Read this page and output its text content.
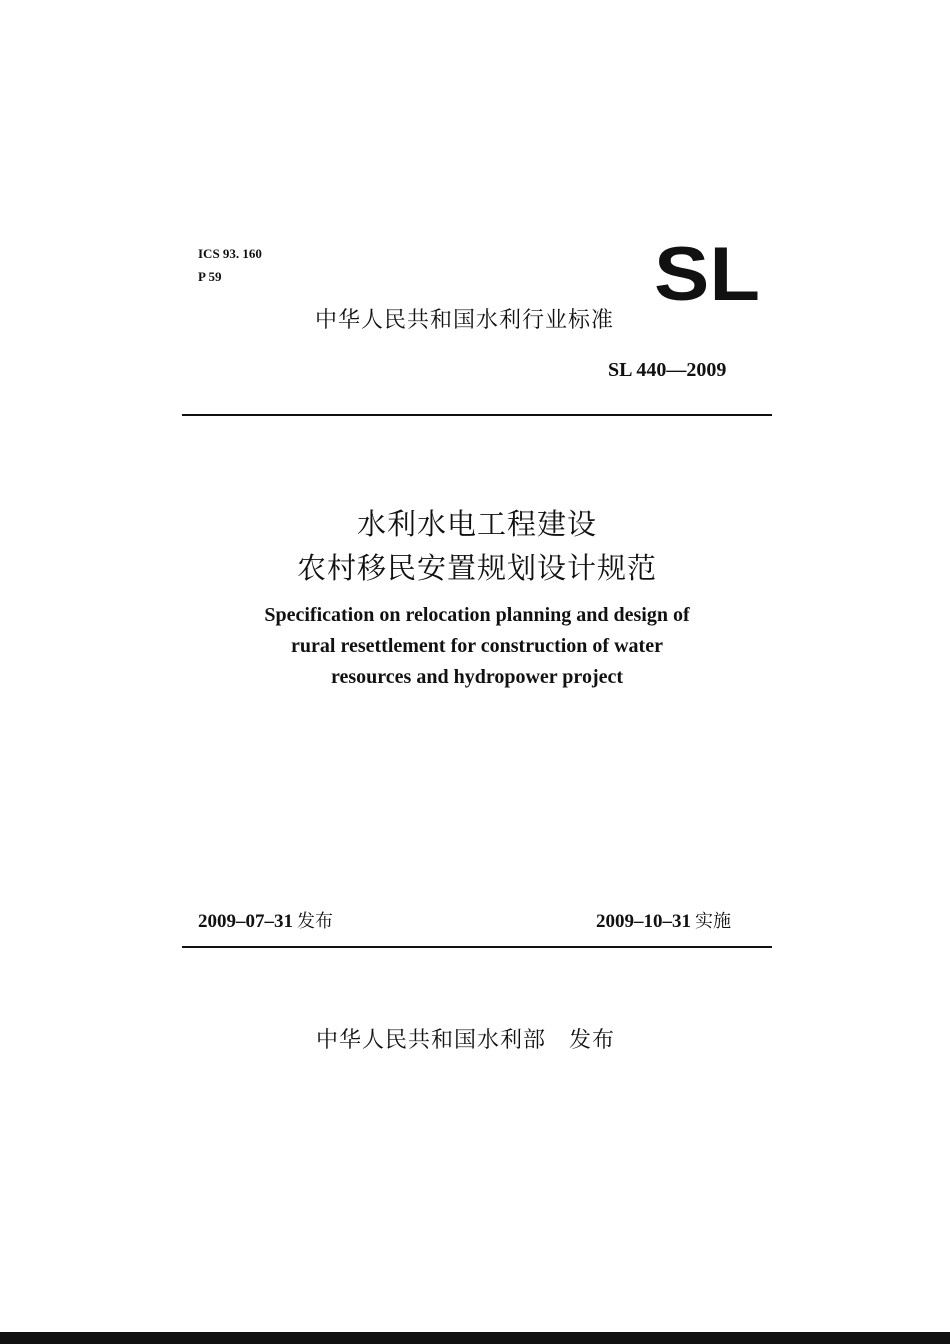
ICS 93. 160
P 59	SL
中华人民共和国水利行业标准
SL 440—2009
水利水电工程建设
农村移民安置规划设计规范
Specification on relocation planning and design of
rural resettlement for construction of water
resources and hydropower project
2009–07–31 发布	2009–10–31 实施
中华人民共和国水利部　发布
